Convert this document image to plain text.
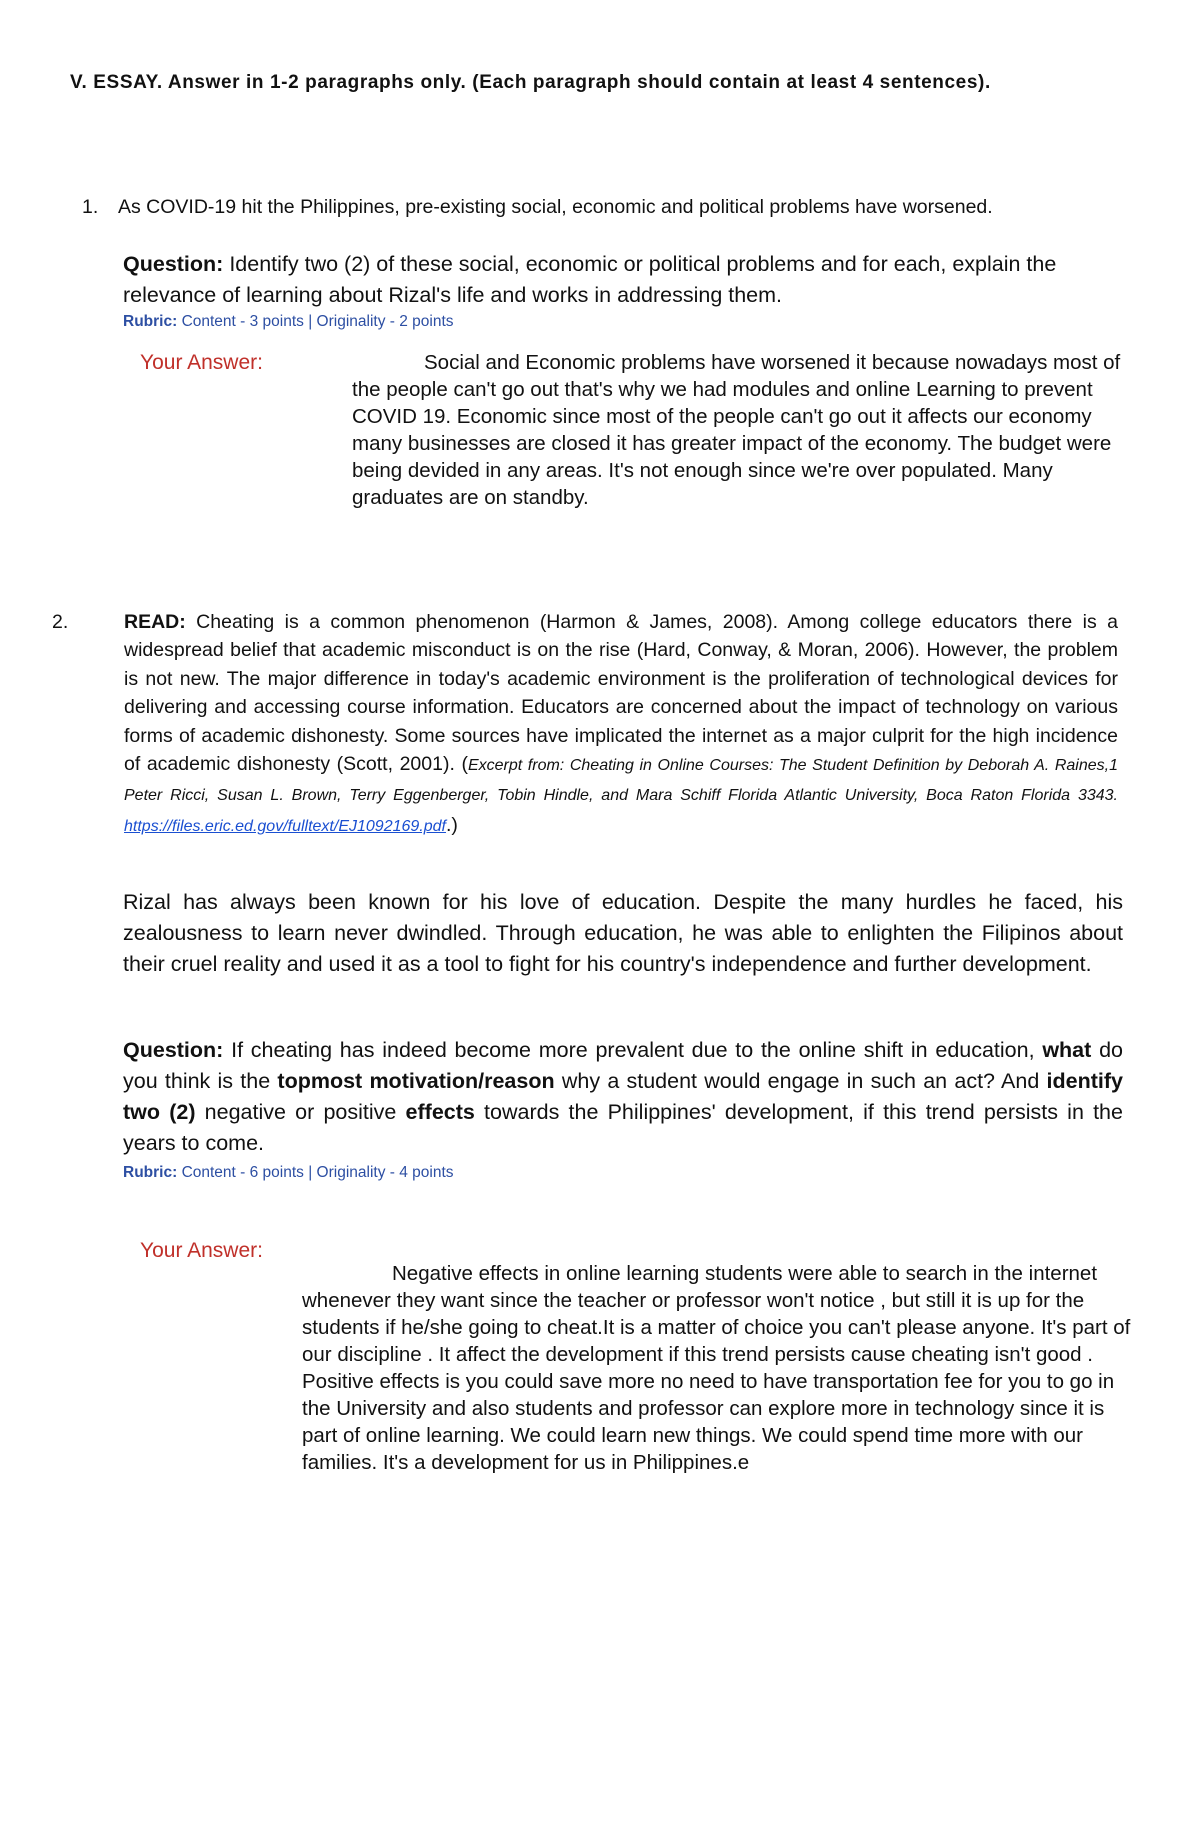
V. ESSAY. Answer in 1-2 paragraphs only. (Each paragraph should contain at least 4 sentences).
1. As COVID-19 hit the Philippines, pre-existing social, economic and political problems have worsened.
Question: Identify two (2) of these social, economic or political problems and for each, explain the relevance of learning about Rizal's life and works in addressing them.
Rubric: Content - 3 points | Originality - 2 points
Your Answer:	Social and Economic problems have worsened it because nowadays most of the people can't go out that's why we had modules and online Learning to prevent COVID 19. Economic since most of the people can't go out it affects our economy many businesses are closed it has greater impact of the economy. The budget were being devided in any areas. It's not enough since we're over populated. Many graduates are on standby.
2.	READ: Cheating is a common phenomenon (Harmon & James, 2008). Among college educators there is a widespread belief that academic misconduct is on the rise (Hard, Conway, & Moran, 2006). However, the problem is not new. The major difference in today's academic environment is the proliferation of technological devices for delivering and accessing course information. Educators are concerned about the impact of technology on various forms of academic dishonesty. Some sources have implicated the internet as a major culprit for the high incidence of academic dishonesty (Scott, 2001). (Excerpt from: Cheating in Online Courses: The Student Definition by Deborah A. Raines,1 Peter Ricci, Susan L. Brown, Terry Eggenberger, Tobin Hindle, and Mara Schiff Florida Atlantic University, Boca Raton Florida 3343. https://files.eric.ed.gov/fulltext/EJ1092169.pdf.)
Rizal has always been known for his love of education. Despite the many hurdles he faced, his zealousness to learn never dwindled. Through education, he was able to enlighten the Filipinos about their cruel reality and used it as a tool to fight for his country's independence and further development.
Question: If cheating has indeed become more prevalent due to the online shift in education, what do you think is the topmost motivation/reason why a student would engage in such an act? And identify two (2) negative or positive effects towards the Philippines' development, if this trend persists in the years to come.
Rubric: Content - 6 points | Originality - 4 points
Your Answer:
Negative effects in online learning students were able to search in the internet whenever they want since the teacher or professor won't notice , but still it is up for the students if he/she going to cheat.It is a matter of choice you can't please anyone. It's part of our discipline . It affect the development if this trend persists cause cheating isn't good . Positive effects is you could save more no need to have transportation fee for you to go in the University and also students and professor can explore more in technology since it is part of online learning. We could learn new things. We could spend time more with our families. It's a development for us in Philippines.e
